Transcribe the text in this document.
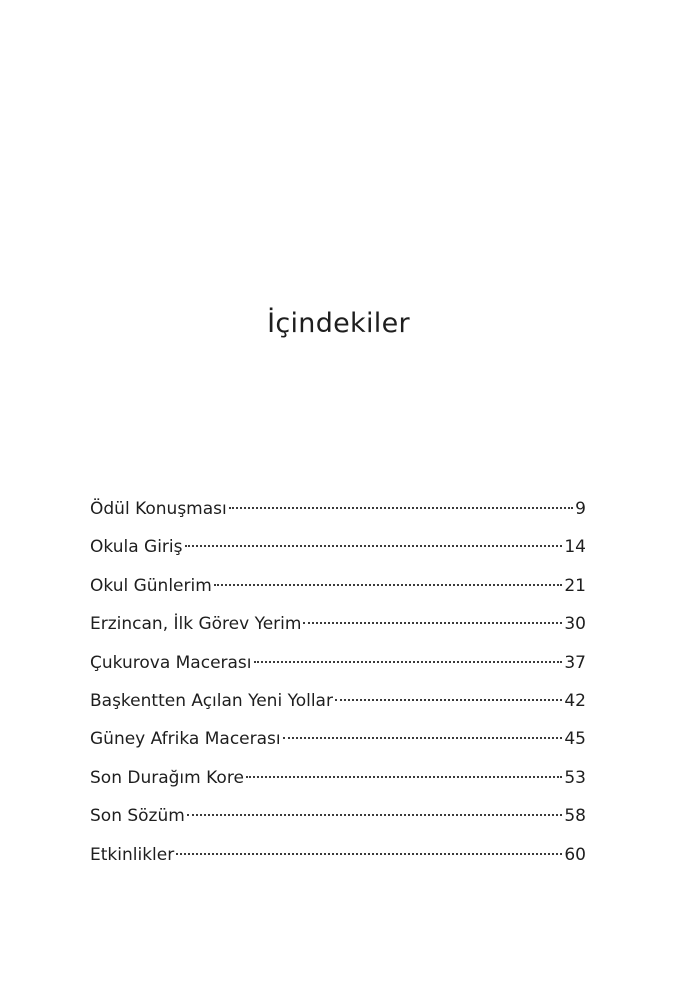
İçindekiler
Ödül Konuşması	9
Okula Giriş	14
Okul Günlerim	21
Erzincan, İlk Görev Yerim	30
Çukurova Macerası	37
Başkentten Açılan Yeni Yollar	42
Güney Afrika Macerası	45
Son Durağım Kore	53
Son Sözüm	58
Etkinlikler	60
